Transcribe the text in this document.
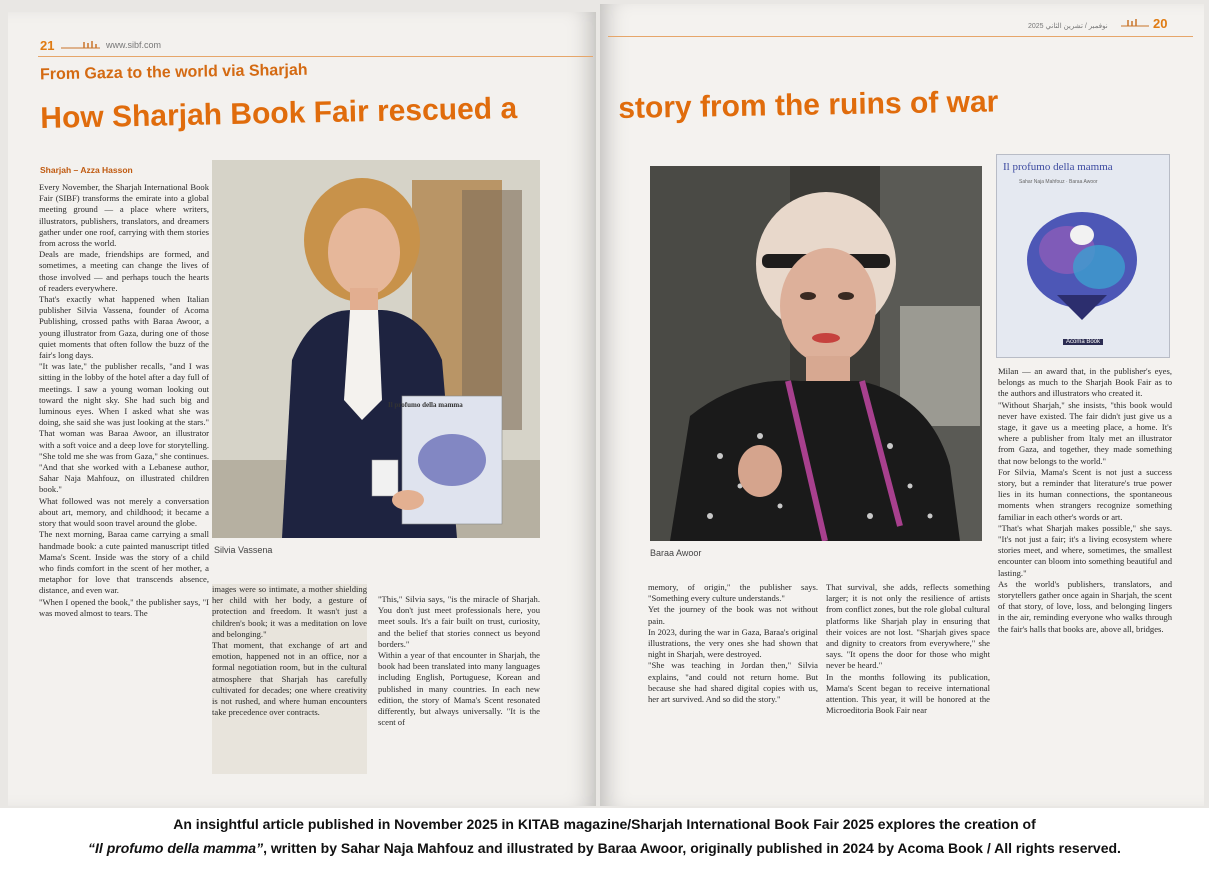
21	www.sibf.com
From Gaza to the world via Sharjah
How Sharjah Book Fair rescued a
Sharjah – Azza Hasson

Every November, the Sharjah International Book Fair (SIBF) transforms the emirate into a global meeting ground — a place where writers, illustrators, publishers, translators, and dreamers gather under one roof, carrying with them stories from across the world.

Deals are made, friendships are formed, and sometimes, a meeting can change the lives of those involved — and perhaps touch the hearts of readers everywhere.

That's exactly what happened when Italian publisher Silvia Vassena, founder of Acoma Publishing, crossed paths with Baraa Awoor, a young illustrator from Gaza, during one of those quiet moments that often follow the buzz of the fair's long days.

"It was late," the publisher recalls, "and I was sitting in the lobby of the hotel after a day full of meetings. I saw a young woman looking out toward the night sky. She had such big and luminous eyes. When I asked what she was doing, she said she was just looking at the stars." That woman was Baraa Awoor, an illustrator with a soft voice and a deep love for storytelling. "She told me she was from Gaza," she continues. "And that she worked with a Lebanese author, Sahar Naja Mahfouz, on illustrated children book."

What followed was not merely a conversation about art, memory, and childhood; it became a story that would soon travel around the globe.

The next morning, Baraa came carrying a small handmade book: a cute painted manuscript titled Mama's Scent. Inside was the story of a child who finds comfort in the scent of her mother, a metaphor for love that transcends absence, distance, and even war.

"When I opened the book," the publisher says, "I was moved almost to tears. The

Il profumo della mamma
Silvia Vassena

images were so intimate, a mother shielding her child with her body, a gesture of protection and freedom. It wasn't just a children's book; it was a meditation on love and belonging."

That moment, that exchange of art and emotion, happened not in an office, nor a formal negotiation room, but in the cultural atmosphere that Sharjah has carefully cultivated for decades; one where creativity is not rushed, and where human encounters take precedence over contracts.

"This," Silvia says, "is the miracle of Sharjah. You don't just meet professionals here, you meet souls. It's a fair built on trust, curiosity, and the belief that stories connect us beyond borders."

Within a year of that encounter in Sharjah, the book had been translated into many languages including English, Portuguese, Korean and published in many countries. In each new edition, the story of Mama's Scent resonated differently, but always universally. "It is the scent of

2025 نوفمبر / تشرين الثاني	20
story from the ruins of war
Baraa Awoor
Il profumo della mamma
Sahar Naja Mahfouz · Baraa Awoor
Acoma Book

Milan — an award that, in the publisher's eyes, belongs as much to the Sharjah Book Fair as to the authors and illustrators who created it.

"Without Sharjah," she insists, "this book would never have existed. The fair didn't just give us a stage, it gave us a meeting place, a home. It's where a publisher from Italy met an illustrator from Gaza, and together, they made something that now belongs to the world."

For Silvia, Mama's Scent is not just a success story, but a reminder that literature's true power lies in its human connections, the spontaneous moments when strangers recognize something familiar in each other's words or art.

"That's what Sharjah makes possible," she says. "It's not just a fair; it's a living ecosystem where stories meet, and where, sometimes, the smallest encounter can bloom into something beautiful and lasting."

As the world's publishers, translators, and storytellers gather once again in Sharjah, the scent of that story, of love, loss, and belonging lingers in the air, reminding everyone who walks through the fair's halls that books are, above all, bridges.

memory, of origin," the publisher says. "Something every culture understands."

Yet the journey of the book was not without pain.

In 2023, during the war in Gaza, Baraa's original illustrations, the very ones she had shown that night in Sharjah, were destroyed.

"She was teaching in Jordan then," Silvia explains, "and could not return home. But because she had shared digital copies with us, her art survived. And so did the story."

That survival, she adds, reflects something larger; it is not only the resilience of artists from conflict zones, but the role global cultural platforms like Sharjah play in ensuring that their voices are not lost. "Sharjah gives space and dignity to creators from everywhere," she says. "It opens the door for those who might never be heard."

In the months following its publication, Mama's Scent began to receive international attention. This year, it will be honored at the Microeditoria Book Fair near

An insightful article published in November 2025 in KITAB magazine/Sharjah International Book Fair 2025 explores the creation of
“Il profumo della mamma”, written by Sahar Naja Mahfouz and illustrated by Baraa Awoor, originally published in 2024 by Acoma Book / All rights reserved.
